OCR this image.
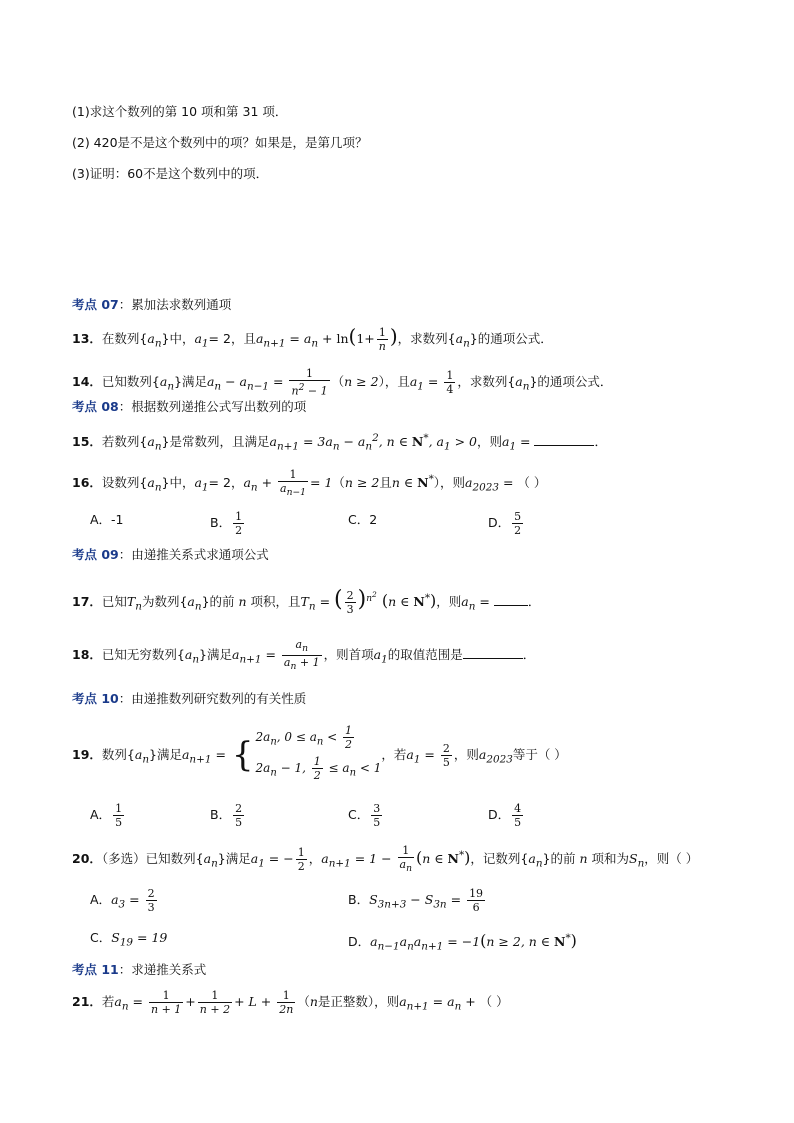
(1)求这个数列的第 10 项和第 31 项．
(2) 420是不是这个数列中的项？如果是，是第几项？
(3)证明：60不是这个数列中的项．
考点 07：累加法求数列通项
13．在数列$\{a_n\}$中，$a_1= 2$，且$a_{n+1} = a_n + \ln(1+ \frac{1}{n}$ )，求数列$\{a_n\}$的通项公式．
14．已知数列$\{a_n\}$满足$a_n - a_{n-1} = \frac{1}{n^2 - 1} (n \ge 2)$，且$a_1 = \frac{1}{4}$ ，求数列$\{a_n\}$的通项公式．
考点 08：根据数列递推公式写出数列的项
15．若数列$\{a_n\}$是常数列，且满足$a_{n+1} = 3a_n - a_n^2$, n ∈ N*, $a_1 > 0$，则$a_1$ =	．
16．设数列$\{a_n\}$中，$a_1= 2$，$a_n + \frac{1}{a_{n-1}} = 1(n \ge 2$且n ∈ N*），则$a_{2023}$ = （ ）
A．-1	B． $\frac{1}{2}$	C．2	D． $\frac{5}{2}$
考点 09：由递推关系式求通项公式
17．已知$T_n$为数列$\{a_n\}$的前 n 项积，且$T_n$ = ( $\frac{2}{3} )^{n^2}$ (n ∈ N*)，则$a_n$ =	．
18．已知无穷数列$\{a_n\}$满足$a_{n+1} = \frac{a_n}{a_n + 1}$ ，则首项$a_1$的取值范围是	．
考点 10：由递推数列研究数列的有关性质
19．数列$\{a_n\}$满足$a_{n+1}$ = { $2a_n$, $0 \le a_n < \frac{1}{2}$
$2a_n - 1$, $\frac{1}{2} \le a_n < 1$
，若$a_1 = \frac{2}{5}$ ，则$a_{2023}$等于（ ）
A． $\frac{1}{5}$	B． $\frac{2}{5}$	C． $\frac{3}{5}$	D． $\frac{4}{5}$
20．（多选）已知数列$\{a_n\}$满足$a_1$ = − $\frac{1}{2}$ ，$a_{n+1} = 1 - \frac{1}{a_n} (n$ ∈ N*)，记数列$\{a_n\}$的前 n 项和为$S_n$，则（ ）
A．$a_3 = \frac{2}{3}$	B．$S_{3n+3} - S_{3n} = \frac{19}{6}$
C．$S_{19} = 19$	D．$a_{n-1}a_na_{n+1} = -1(n \ge 2$, n ∈ N*)
考点 11：求递推关系式
21．若$a_n = \frac{1}{n + 1} + \frac{1}{n + 2} + L + \frac{1}{2n} (n$是正整数），则$a_{n+1} = a_n$ + （ ）
